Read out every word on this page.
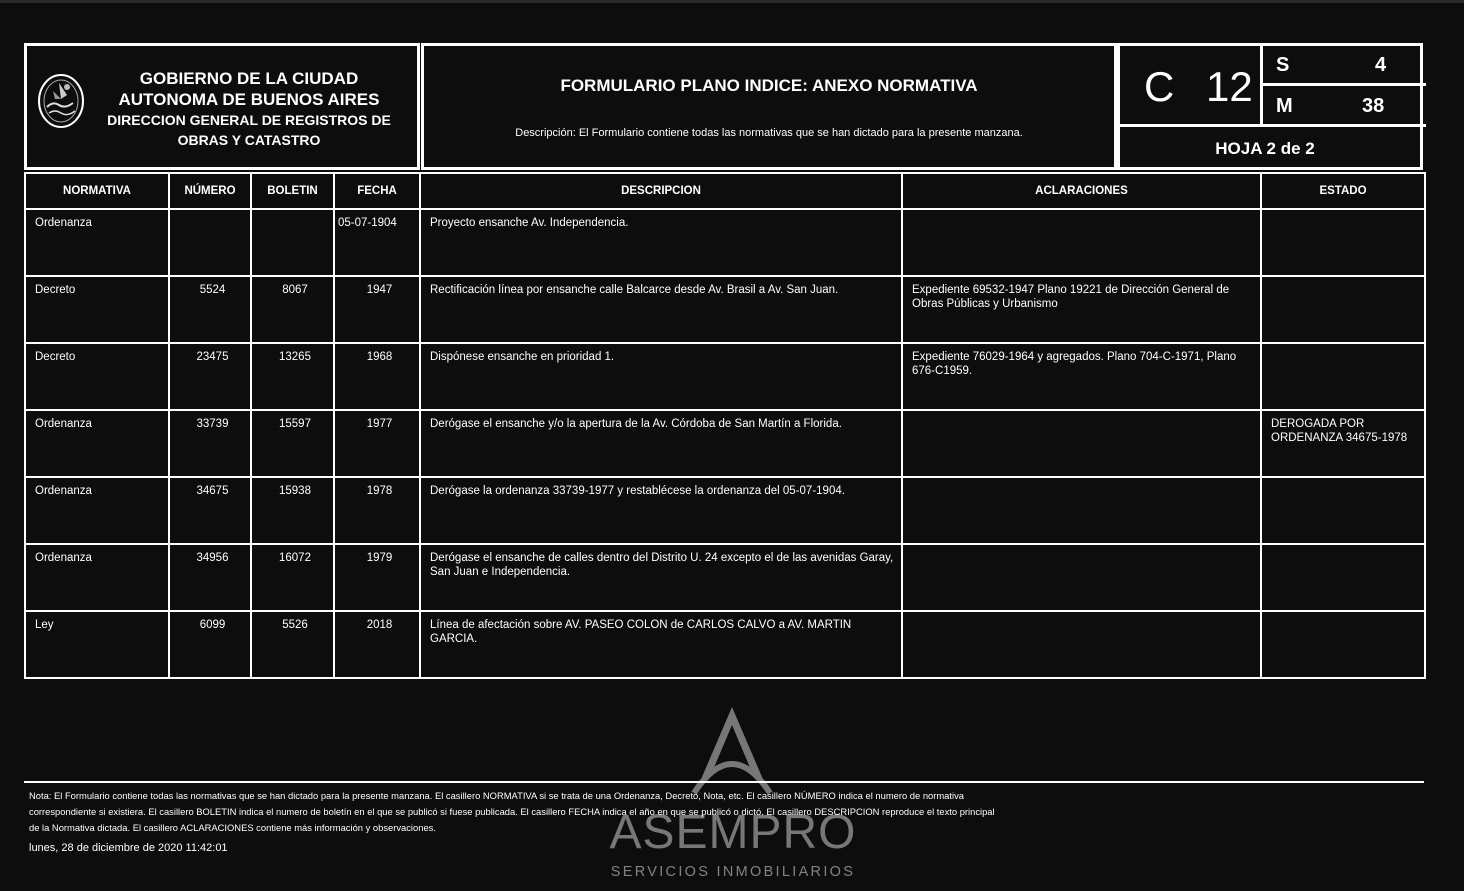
GOBIERNO DE LA CIUDAD
AUTONOMA DE BUENOS AIRES
DIRECCION GENERAL DE REGISTROS DE
OBRAS Y CATASTRO
FORMULARIO PLANO INDICE: ANEXO NORMATIVA
Descripción: El Formulario contiene todas las normativas que se han dictado para la presente manzana.
C 12 S	4
M	38
HOJA 2 de 2
NORMATIVA	NÚMERO	BOLETIN	FECHA	DESCRIPCION	ACLARACIONES	ESTADO
Ordenanza			05-07-1904	Proyecto ensanche Av. Independencia.		
Decreto	5524	8067	1947	Rectificación línea por ensanche calle Balcarce desde Av. Brasil a Av. San Juan.	Expediente 69532-1947 Plano 19221 de Dirección General de Obras Públicas y Urbanismo	
Decreto	23475	13265	1968	Dispónese ensanche en prioridad 1.	Expediente 76029-1964 y agregados. Plano 704-C-1971, Plano 676-C1959.	
Ordenanza	33739	15597	1977	Derógase el ensanche y/o la apertura de la Av. Córdoba de San Martín a Florida.		DEROGADA POR ORDENANZA 34675-1978
Ordenanza	34675	15938	1978	Derógase la ordenanza 33739-1977 y restablécese la ordenanza del 05-07-1904.		
Ordenanza	34956	16072	1979	Derógase el ensanche de calles dentro del Distrito U. 24 excepto el de las avenidas Garay, San Juan e Independencia.		
Ley	6099	5526	2018	Línea de afectación sobre AV. PASEO COLON de CARLOS CALVO a AV. MARTIN GARCIA.		
ASEMPRO
SERVICIOS INMOBILIARIOS
Nota: El Formulario contiene todas las normativas que se han dictado para la presente manzana. El casillero NORMATIVA si se trata de una Ordenanza, Decreto, Nota, etc. El casillero NÚMERO indica el numero de normativa
correspondiente si existiera. El casillero BOLETIN indica el numero de boletín en el que se publicó si fuese publicada. El casillero FECHA indica el año en que se publicó o dictó. El casillero DESCRIPCION reproduce el texto principal
de la Normativa dictada. El casillero ACLARACIONES contiene más información y observaciones.
lunes, 28 de diciembre de 2020 11:42:01
